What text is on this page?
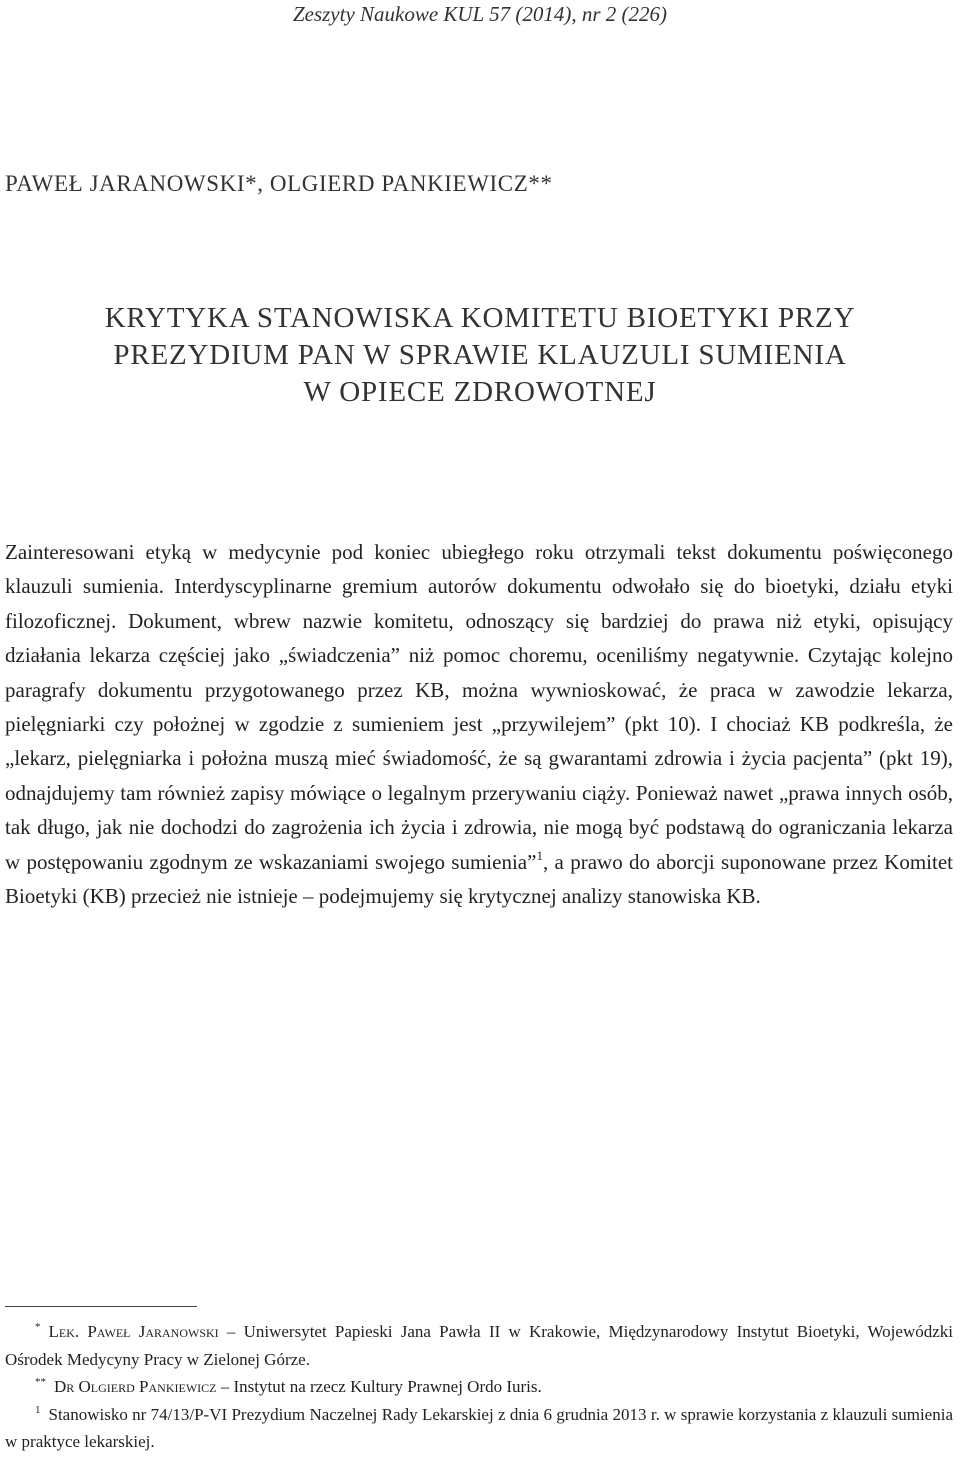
Zeszyty Naukowe KUL 57 (2014), nr 2 (226)
PAWEŁ JARANOWSKI*, OLGIERD PANKIEWICZ**
KRYTYKA STANOWISKA KOMITETU BIOETYKI PRZY
PREZYDIUM PAN W SPRAWIE KLAUZULI SUMIENIA
W OPIECE ZDROWOTNEJ
Zainteresowani etyką w medycynie pod koniec ubiegłego roku otrzymali tekst dokumentu poświęconego klauzuli sumienia. Interdyscyplinarne gremium autorów dokumentu odwołało się do bioetyki, działu etyki filozoficznej. Dokument, wbrew nazwie komitetu, odnoszący się bardziej do prawa niż etyki, opisujący działania lekarza częściej jako „świadczenia” niż pomoc choremu, oceniliśmy negatywnie. Czytając kolejno paragrafy dokumentu przygotowanego przez KB, można wywnioskować, że praca w zawodzie lekarza, pielęgniarki czy położnej w zgodzie z sumieniem jest „przywilejem” (pkt 10). I chociaż KB podkreśla, że „lekarz, pielęgniarka i położna muszą mieć świadomość, że są gwarantami zdrowia i życia pacjenta” (pkt 19), odnajdujemy tam również zapisy mówiące o legalnym przerywaniu ciąży. Ponieważ nawet „prawa innych osób, tak długo, jak nie dochodzi do zagrożenia ich życia i zdrowia, nie mogą być podstawą do ograniczania lekarza w postępowaniu zgodnym ze wskazaniami swojego sumienia”$^1$, a prawo do aborcji suponowane przez Komitet Bioetyki (KB) przecież nie istnieje – podejmujemy się krytycznej analizy stanowiska KB.

* Lek. Paweł Jaranowski – Uniwersytet Papieski Jana Pawła II w Krakowie, Międzynarodowy Instytut Bioetyki, Wojewódzki Ośrodek Medycyny Pracy w Zielonej Górze.

** Dr Olgierd Pankiewicz – Instytut na rzecz Kultury Prawnej Ordo Iuris.

$^1$ Stanowisko nr 74/13/P-VI Prezydium Naczelnej Rady Lekarskiej z dnia 6 grudnia 2013 r. w sprawie korzystania z klauzuli sumienia w praktyce lekarskiej.
